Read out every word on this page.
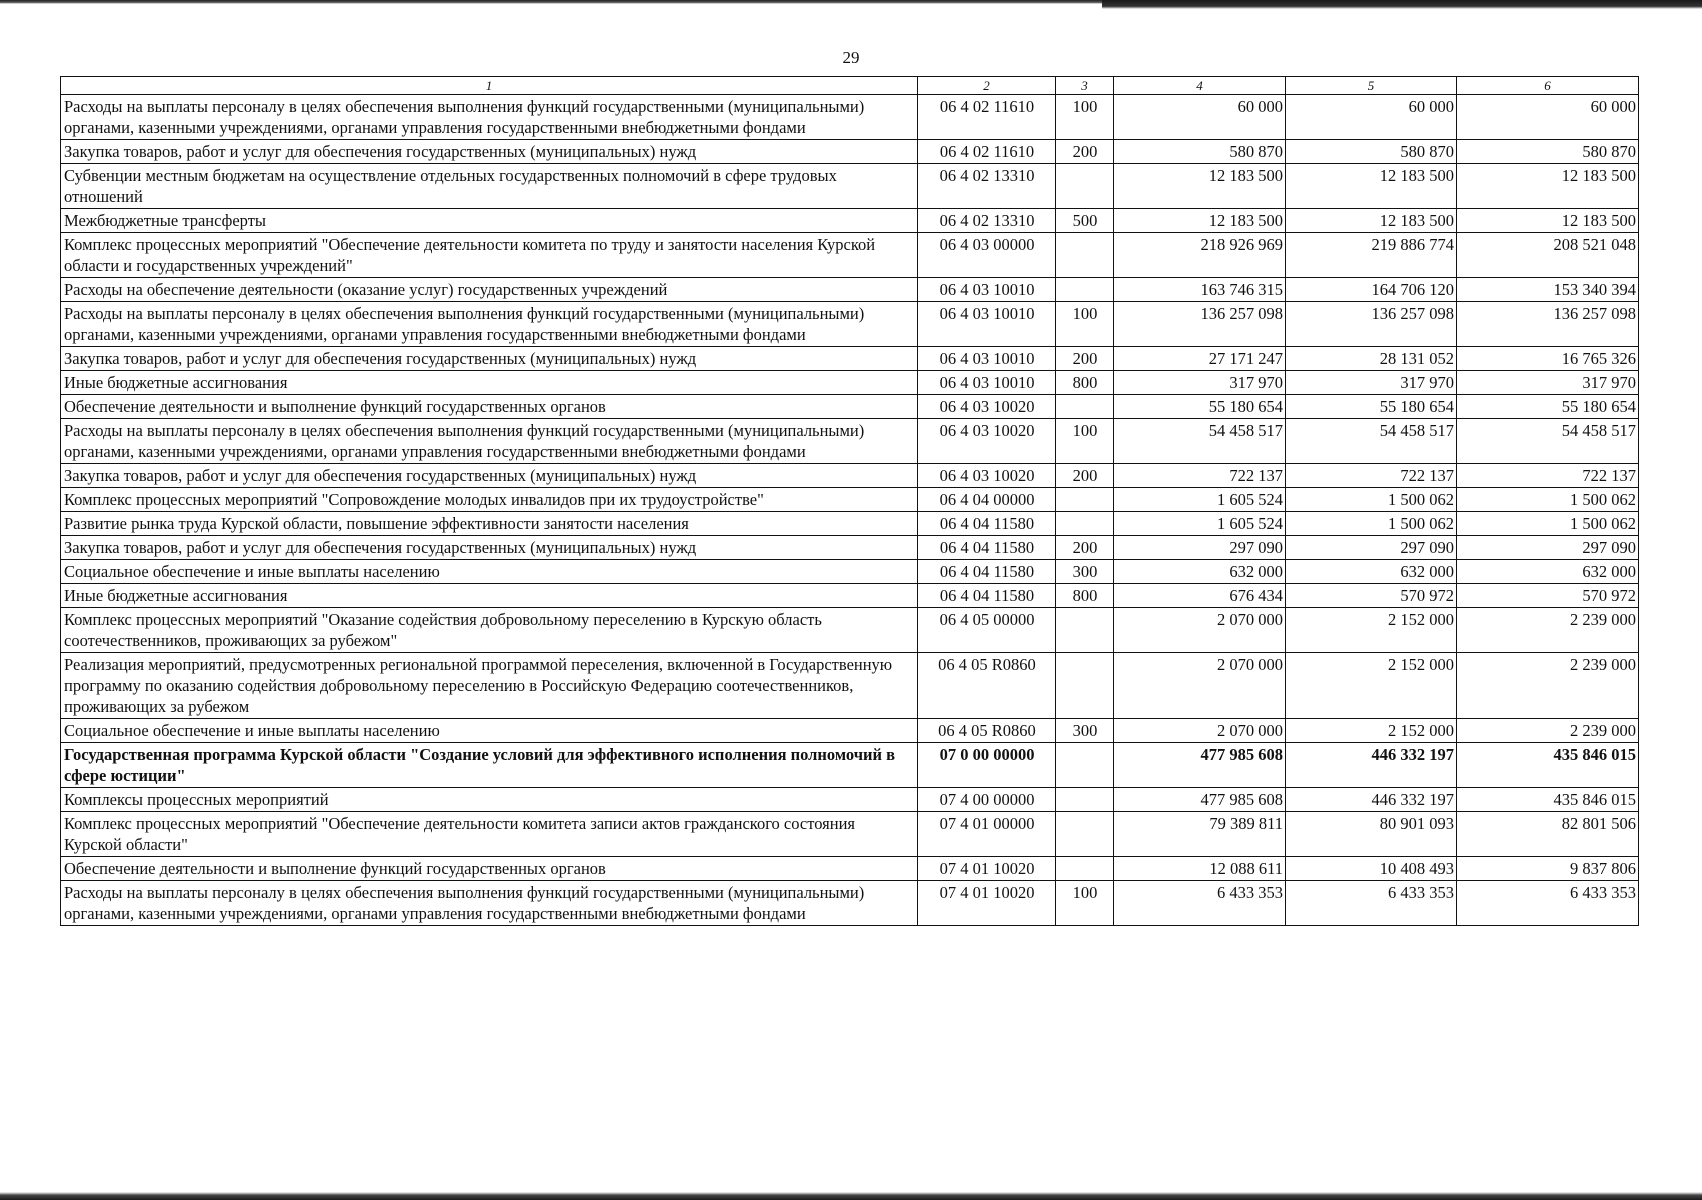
29
1	2	3	4	5	6
Расходы на выплаты персоналу в целях обеспечения выполнения функций государственными (муниципальными) органами, казенными учреждениями, органами управления государственными внебюджетными фондами	06 4 02 11610	100	60 000	60 000	60 000
Закупка товаров, работ и услуг для обеспечения государственных (муниципальных) нужд	06 4 02 11610	200	580 870	580 870	580 870
Субвенции местным бюджетам на осуществление отдельных государственных полномочий в сфере трудовых отношений	06 4 02 13310		12 183 500	12 183 500	12 183 500
Межбюджетные трансферты	06 4 02 13310	500	12 183 500	12 183 500	12 183 500
Комплекс процессных мероприятий "Обеспечение деятельности комитета по труду и занятости населения Курской области и государственных учреждений"	06 4 03 00000		218 926 969	219 886 774	208 521 048
Расходы на обеспечение деятельности (оказание услуг) государственных учреждений	06 4 03 10010		163 746 315	164 706 120	153 340 394
Расходы на выплаты персоналу в целях обеспечения выполнения функций государственными (муниципальными) органами, казенными учреждениями, органами управления государственными внебюджетными фондами	06 4 03 10010	100	136 257 098	136 257 098	136 257 098
Закупка товаров, работ и услуг для обеспечения государственных (муниципальных) нужд	06 4 03 10010	200	27 171 247	28 131 052	16 765 326
Иные бюджетные ассигнования	06 4 03 10010	800	317 970	317 970	317 970
Обеспечение деятельности и выполнение функций государственных органов	06 4 03 10020		55 180 654	55 180 654	55 180 654
Расходы на выплаты персоналу в целях обеспечения выполнения функций государственными (муниципальными) органами, казенными учреждениями, органами управления государственными внебюджетными фондами	06 4 03 10020	100	54 458 517	54 458 517	54 458 517
Закупка товаров, работ и услуг для обеспечения государственных (муниципальных) нужд	06 4 03 10020	200	722 137	722 137	722 137
Комплекс процессных мероприятий "Сопровождение молодых инвалидов при их трудоустройстве"	06 4 04 00000		1 605 524	1 500 062	1 500 062
Развитие рынка труда Курской области, повышение эффективности занятости населения	06 4 04 11580		1 605 524	1 500 062	1 500 062
Закупка товаров, работ и услуг для обеспечения государственных (муниципальных) нужд	06 4 04 11580	200	297 090	297 090	297 090
Социальное обеспечение и иные выплаты населению	06 4 04 11580	300	632 000	632 000	632 000
Иные бюджетные ассигнования	06 4 04 11580	800	676 434	570 972	570 972
Комплекс процессных мероприятий "Оказание содействия добровольному переселению в Курскую область соотечественников, проживающих за рубежом"	06 4 05 00000		2 070 000	2 152 000	2 239 000
Реализация мероприятий, предусмотренных региональной программой переселения, включенной в Государственную программу по оказанию содействия добровольному переселению в Российскую Федерацию соотечественников, проживающих за рубежом	06 4 05 R0860		2 070 000	2 152 000	2 239 000
Социальное обеспечение и иные выплаты населению	06 4 05 R0860	300	2 070 000	2 152 000	2 239 000
Государственная программа Курской области "Создание условий для эффективного исполнения полномочий в сфере юстиции"	07 0 00 00000		477 985 608	446 332 197	435 846 015
Комплексы процессных мероприятий	07 4 00 00000		477 985 608	446 332 197	435 846 015
Комплекс процессных мероприятий "Обеспечение деятельности комитета записи актов гражданского состояния Курской области"	07 4 01 00000		79 389 811	80 901 093	82 801 506
Обеспечение деятельности и выполнение функций государственных органов	07 4 01 10020		12 088 611	10 408 493	9 837 806
Расходы на выплаты персоналу в целях обеспечения выполнения функций государственными (муниципальными) органами, казенными учреждениями, органами управления государственными внебюджетными фондами	07 4 01 10020	100	6 433 353	6 433 353	6 433 353
